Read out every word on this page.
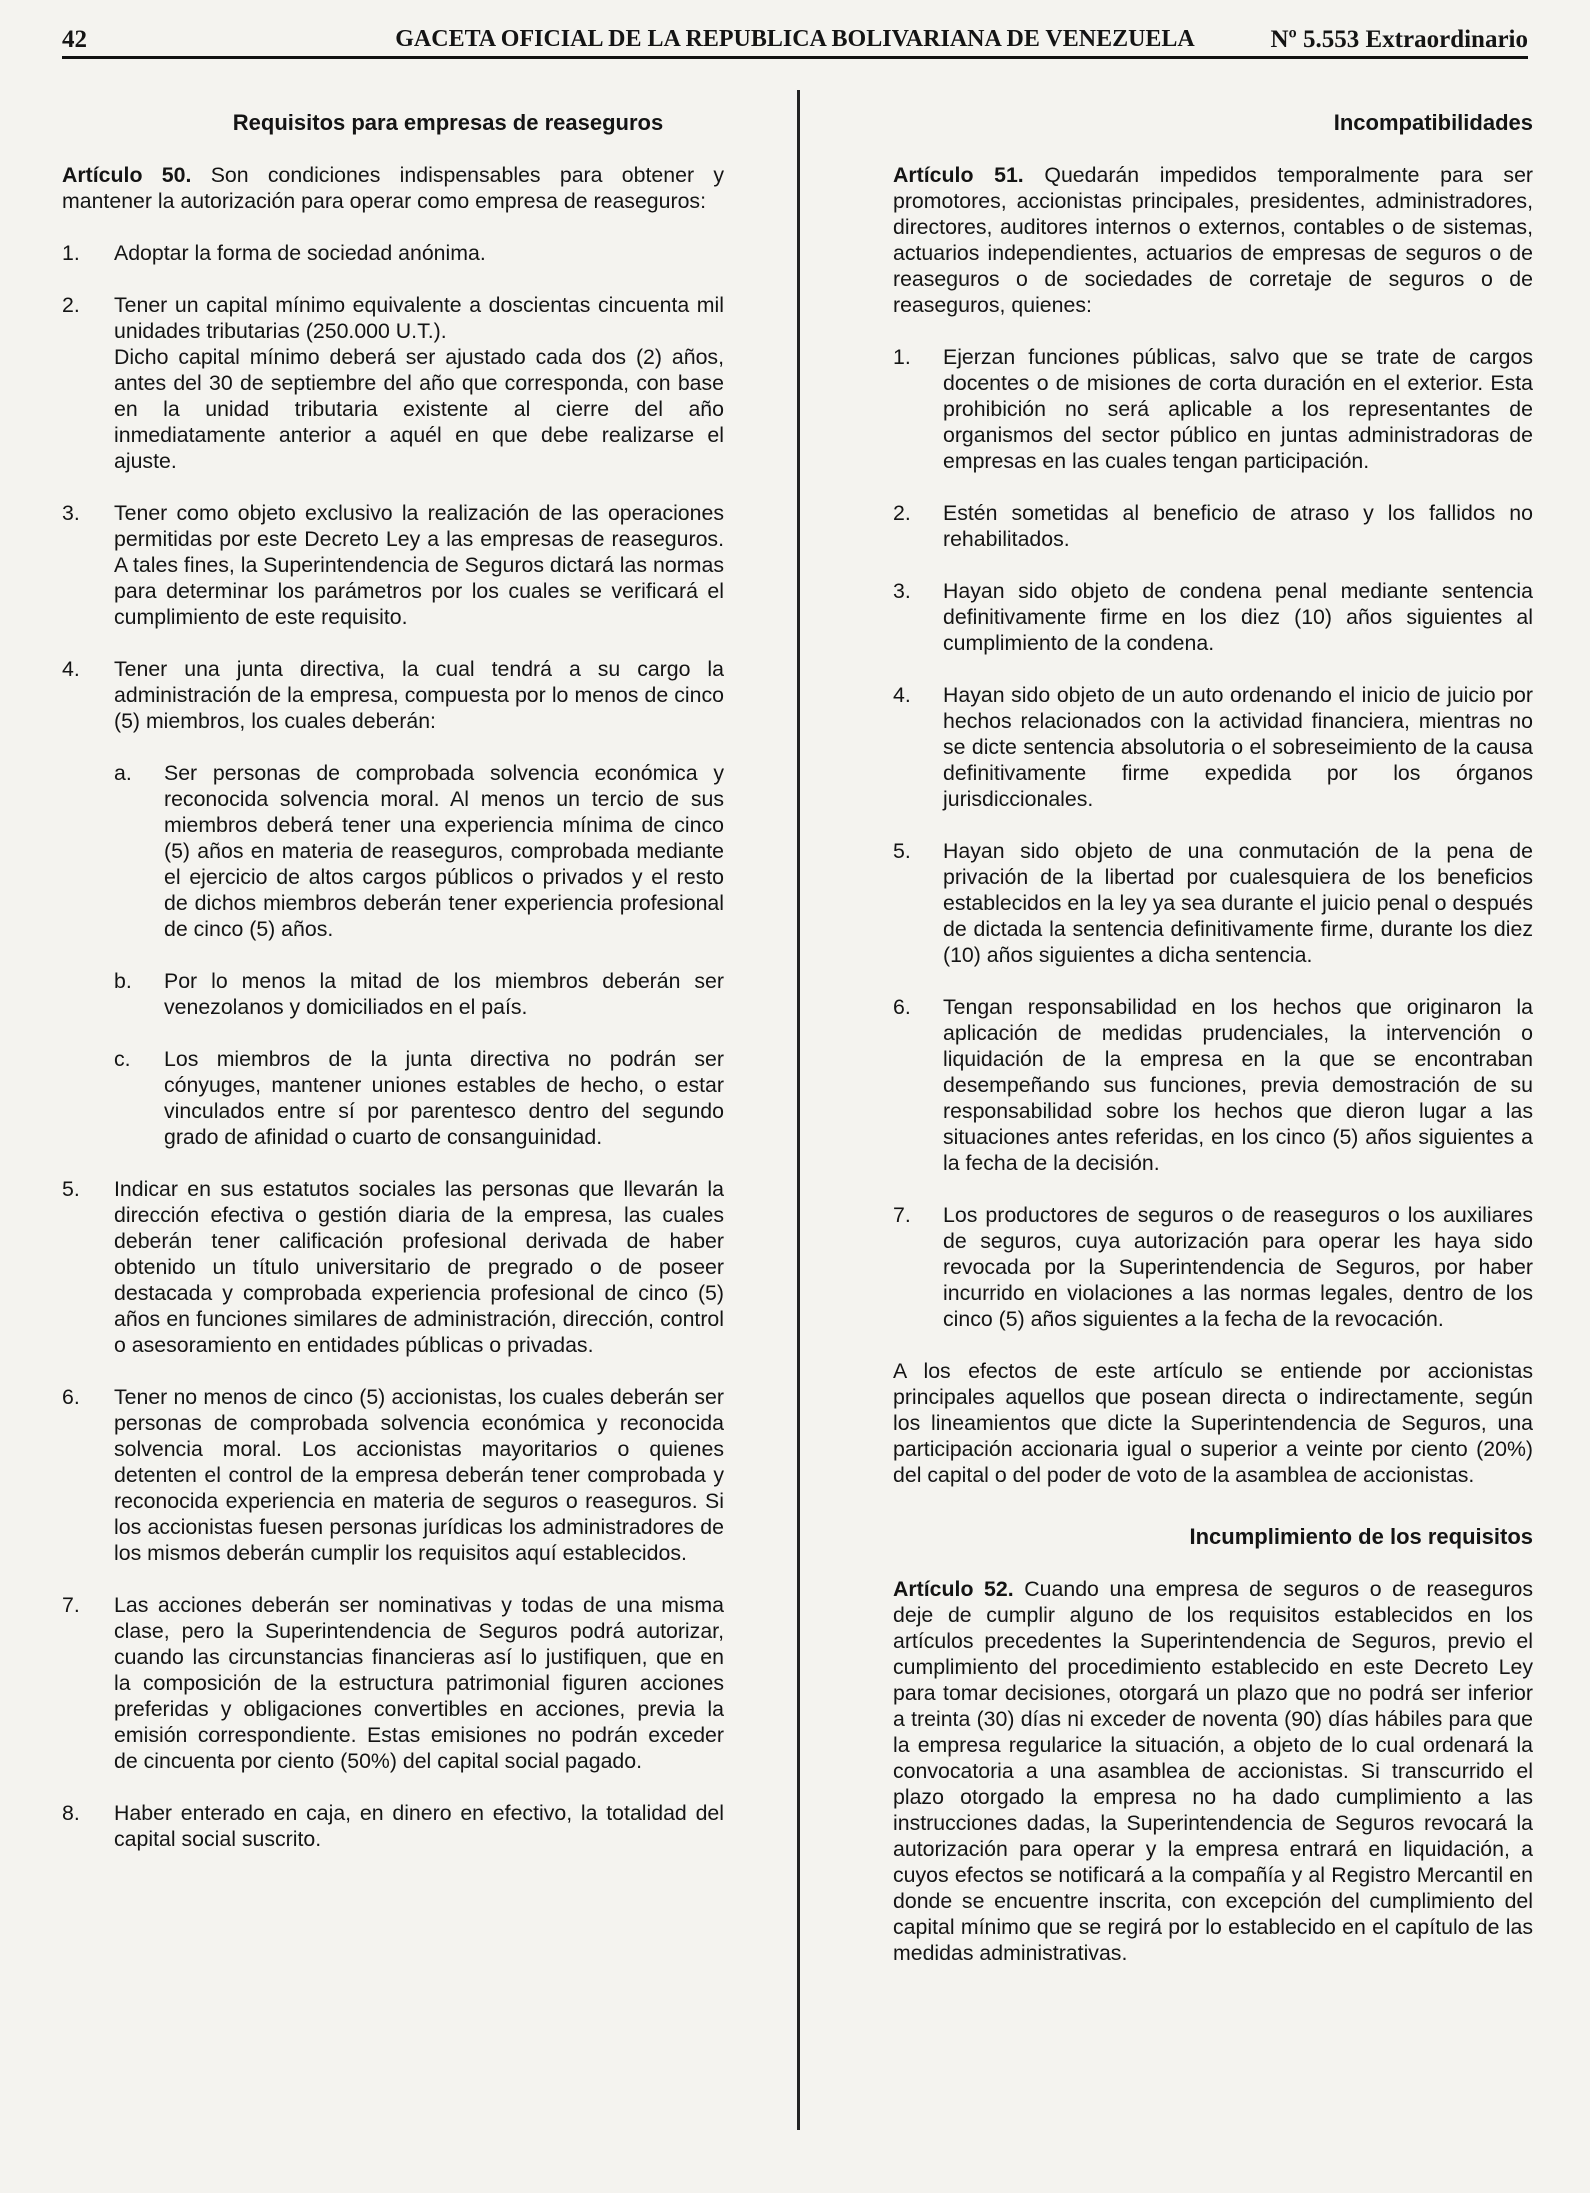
42	GACETA OFICIAL DE LA REPUBLICA BOLIVARIANA DE VENEZUELA	Nº 5.553 Extraordinario
Requisitos para empresas de reaseguros

Artículo 50. Son condiciones indispensables para obtener y mantener la autorización para operar como empresa de reaseguros:

1. Adoptar la forma de sociedad anónima.
2. Tener un capital mínimo equivalente a doscientas cincuenta mil unidades tributarias (250.000 U.T.).

Dicho capital mínimo deberá ser ajustado cada dos (2) años, antes del 30 de septiembre del año que corresponda, con base en la unidad tributaria existente al cierre del año inmediatamente anterior a aquél en que debe realizarse el ajuste.

3. Tener como objeto exclusivo la realización de las operaciones permitidas por este Decreto Ley a las empresas de reaseguros. A tales fines, la Superintendencia de Seguros dictará las normas para determinar los parámetros por los cuales se verificará el cumplimiento de este requisito.
4. Tener una junta directiva, la cual tendrá a su cargo la administración de la empresa, compuesta por lo menos de cinco (5) miembros, los cuales deberán:
a. Ser personas de comprobada solvencia económica y reconocida solvencia moral. Al menos un tercio de sus miembros deberá tener una experiencia mínima de cinco (5) años en materia de reaseguros, comprobada mediante el ejercicio de altos cargos públicos o privados y el resto de dichos miembros deberán tener experiencia profesional de cinco (5) años.
b. Por lo menos la mitad de los miembros deberán ser venezolanos y domiciliados en el país.
c. Los miembros de la junta directiva no podrán ser cónyuges, mantener uniones estables de hecho, o estar vinculados entre sí por parentesco dentro del segundo grado de afinidad o cuarto de consanguinidad.
5. Indicar en sus estatutos sociales las personas que llevarán la dirección efectiva o gestión diaria de la empresa, las cuales deberán tener calificación profesional derivada de haber obtenido un título universitario de pregrado o de poseer destacada y comprobada experiencia profesional de cinco (5) años en funciones similares de administración, dirección, control o asesoramiento en entidades públicas o privadas.
6. Tener no menos de cinco (5) accionistas, los cuales deberán ser personas de comprobada solvencia económica y reconocida solvencia moral. Los accionistas mayoritarios o quienes detenten el control de la empresa deberán tener comprobada y reconocida experiencia en materia de seguros o reaseguros. Si los accionistas fuesen personas jurídicas los administradores de los mismos deberán cumplir los requisitos aquí establecidos.
7. Las acciones deberán ser nominativas y todas de una misma clase, pero la Superintendencia de Seguros podrá autorizar, cuando las circunstancias financieras así lo justifiquen, que en la composición de la estructura patrimonial figuren acciones preferidas y obligaciones convertibles en acciones, previa la emisión correspondiente. Estas emisiones no podrán exceder de cincuenta por ciento (50%) del capital social pagado.
8. Haber enterado en caja, en dinero en efectivo, la totalidad del capital social suscrito.
Incompatibilidades

Artículo 51. Quedarán impedidos temporalmente para ser promotores, accionistas principales, presidentes, administradores, directores, auditores internos o externos, contables o de sistemas, actuarios independientes, actuarios de empresas de seguros o de reaseguros o de sociedades de corretaje de seguros o de reaseguros, quienes:

1. Ejerzan funciones públicas, salvo que se trate de cargos docentes o de misiones de corta duración en el exterior. Esta prohibición no será aplicable a los representantes de organismos del sector público en juntas administradoras de empresas en las cuales tengan participación.
2. Estén sometidas al beneficio de atraso y los fallidos no rehabilitados.
3. Hayan sido objeto de condena penal mediante sentencia definitivamente firme en los diez (10) años siguientes al cumplimiento de la condena.
4. Hayan sido objeto de un auto ordenando el inicio de juicio por hechos relacionados con la actividad financiera, mientras no se dicte sentencia absolutoria o el sobreseimiento de la causa definitivamente firme expedida por los órganos jurisdiccionales.
5. Hayan sido objeto de una conmutación de la pena de privación de la libertad por cualesquiera de los beneficios establecidos en la ley ya sea durante el juicio penal o después de dictada la sentencia definitivamente firme, durante los diez (10) años siguientes a dicha sentencia.
6. Tengan responsabilidad en los hechos que originaron la aplicación de medidas prudenciales, la intervención o liquidación de la empresa en la que se encontraban desempeñando sus funciones, previa demostración de su responsabilidad sobre los hechos que dieron lugar a las situaciones antes referidas, en los cinco (5) años siguientes a la fecha de la decisión.
7. Los productores de seguros o de reaseguros o los auxiliares de seguros, cuya autorización para operar les haya sido revocada por la Superintendencia de Seguros, por haber incurrido en violaciones a las normas legales, dentro de los cinco (5) años siguientes a la fecha de la revocación.

A los efectos de este artículo se entiende por accionistas principales aquellos que posean directa o indirectamente, según los lineamientos que dicte la Superintendencia de Seguros, una participación accionaria igual o superior a veinte por ciento (20%) del capital o del poder de voto de la asamblea de accionistas.

Incumplimiento de los requisitos

Artículo 52. Cuando una empresa de seguros o de reaseguros deje de cumplir alguno de los requisitos establecidos en los artículos precedentes la Superintendencia de Seguros, previo el cumplimiento del procedimiento establecido en este Decreto Ley para tomar decisiones, otorgará un plazo que no podrá ser inferior a treinta (30) días ni exceder de noventa (90) días hábiles para que la empresa regularice la situación, a objeto de lo cual ordenará la convocatoria a una asamblea de accionistas. Si transcurrido el plazo otorgado la empresa no ha dado cumplimiento a las instrucciones dadas, la Superintendencia de Seguros revocará la autorización para operar y la empresa entrará en liquidación, a cuyos efectos se notificará a la compañía y al Registro Mercantil en donde se encuentre inscrita, con excepción del cumplimiento del capital mínimo que se regirá por lo establecido en el capítulo de las medidas administrativas.
